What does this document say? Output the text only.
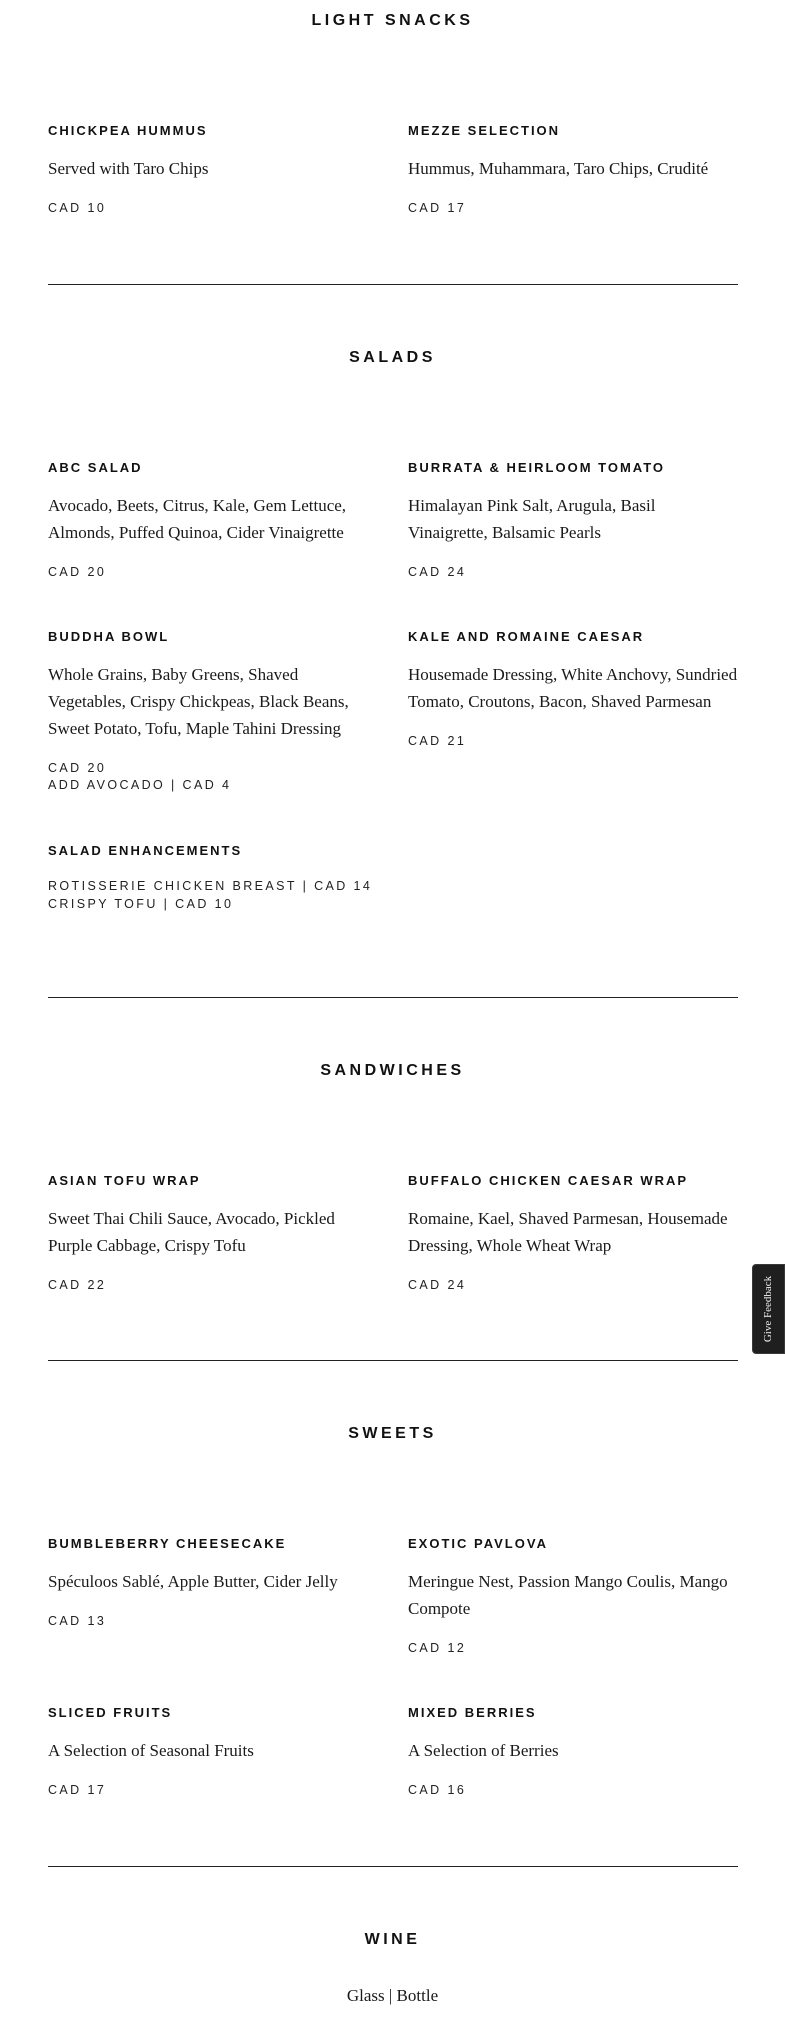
LIGHT SNACKS
CHICKPEA HUMMUS
Served with Taro Chips
CAD 10
MEZZE SELECTION
Hummus, Muhammara, Taro Chips, Crudité
CAD 17
SALADS
ABC SALAD
Avocado, Beets, Citrus, Kale, Gem Lettuce, Almonds, Puffed Quinoa, Cider Vinaigrette
CAD 20
BURRATA & HEIRLOOM TOMATO
Himalayan Pink Salt, Arugula, Basil Vinaigrette, Balsamic Pearls
CAD 24
BUDDHA BOWL
Whole Grains, Baby Greens, Shaved Vegetables, Crispy Chickpeas, Black Beans, Sweet Potato, Tofu, Maple Tahini Dressing
CAD 20
ADD AVOCADO | CAD 4
KALE AND ROMAINE CAESAR
Housemade Dressing, White Anchovy, Sundried Tomato, Croutons, Bacon, Shaved Parmesan
CAD 21
SALAD ENHANCEMENTS
ROTISSERIE CHICKEN BREAST | CAD 14
CRISPY TOFU | CAD 10
SANDWICHES
ASIAN TOFU WRAP
Sweet Thai Chili Sauce, Avocado, Pickled Purple Cabbage, Crispy Tofu
CAD 22
BUFFALO CHICKEN CAESAR WRAP
Romaine, Kael, Shaved Parmesan, Housemade Dressing, Whole Wheat Wrap
CAD 24
SWEETS
BUMBLEBERRY CHEESECAKE
Spéculoos Sablé, Apple Butter, Cider Jelly
CAD 13
EXOTIC PAVLOVA
Meringue Nest, Passion Mango Coulis, Mango Compote
CAD 12
SLICED FRUITS
A Selection of Seasonal Fruits
CAD 17
MIXED BERRIES
A Selection of Berries
CAD 16
WINE
Glass | Bottle
Give Feedback
